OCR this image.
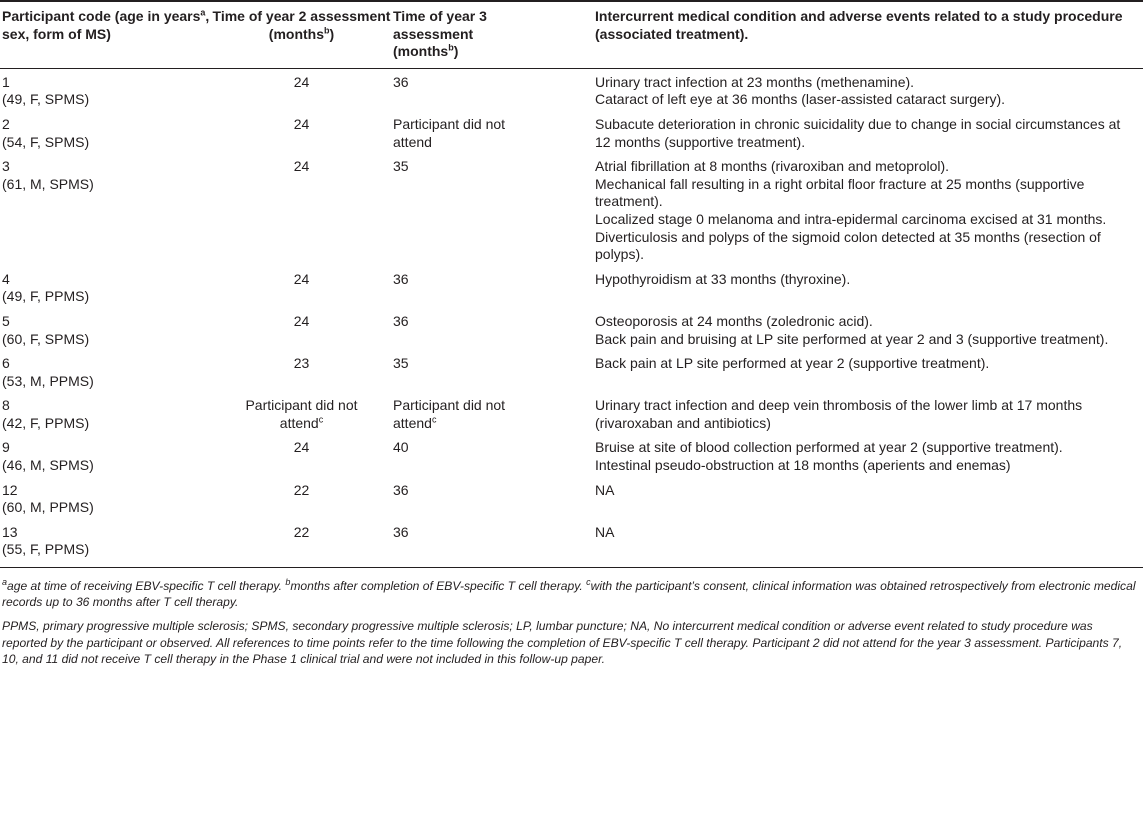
Participant code (age in years$^a$, sex, form of MS)	Time of year 2 assessment (months$^b$)	Time of year 3 assessment (months$^b$)	Intercurrent medical condition and adverse events related to a study procedure (associated treatment).
1
(49, F, SPMS)	24	36	Urinary tract infection at 23 months (methenamine).
Cataract of left eye at 36 months (laser-assisted cataract surgery).

2
(54, F, SPMS)	24	Participant did not attend	Subacute deterioration in chronic suicidality due to change in social circumstances at 12 months (supportive treatment).

3
(61, M, SPMS)	24	35	Atrial fibrillation at 8 months (rivaroxiban and metoprolol).
Mechanical fall resulting in a right orbital floor fracture at 25 months (supportive treatment).
Localized stage 0 melanoma and intra-epidermal carcinoma excised at 31 months.
Diverticulosis and polyps of the sigmoid colon detected at 35 months (resection of polyps).

4
(49, F, PPMS)	24	36	Hypothyroidism at 33 months (thyroxine).

5
(60, F, SPMS)	24	36	Osteoporosis at 24 months (zoledronic acid).
Back pain and bruising at LP site performed at year 2 and 3 (supportive treatment).

6
(53, M, PPMS)	23	35	Back pain at LP site performed at year 2 (supportive treatment).

8
(42, F, PPMS)	Participant did not attend$^c$	Participant did not attend$^c$	Urinary tract infection and deep vein thrombosis of the lower limb at 17 months (rivaroxaban and antibiotics)

9
(46, M, SPMS)	24	40	Bruise at site of blood collection performed at year 2 (supportive treatment).
Intestinal pseudo-obstruction at 18 months (aperients and enemas)

12
(60, M, PPMS)	22	36	NA

13
(55, F, PPMS)	22	36	NA

$^a$age at time of receiving EBV-specific T cell therapy. $^b$months after completion of EBV-specific T cell therapy. $^c$with the participant’s consent, clinical information was obtained retrospectively from electronic medical records up to 36 months after T cell therapy.

PPMS, primary progressive multiple sclerosis; SPMS, secondary progressive multiple sclerosis; LP, lumbar puncture; NA, No intercurrent medical condition or adverse event related to study procedure was reported by the participant or observed. All references to time points refer to the time following the completion of EBV-specific T cell therapy. Participant 2 did not attend for the year 3 assessment. Participants 7, 10, and 11 did not receive T cell therapy in the Phase 1 clinical trial and were not included in this follow-up paper.
